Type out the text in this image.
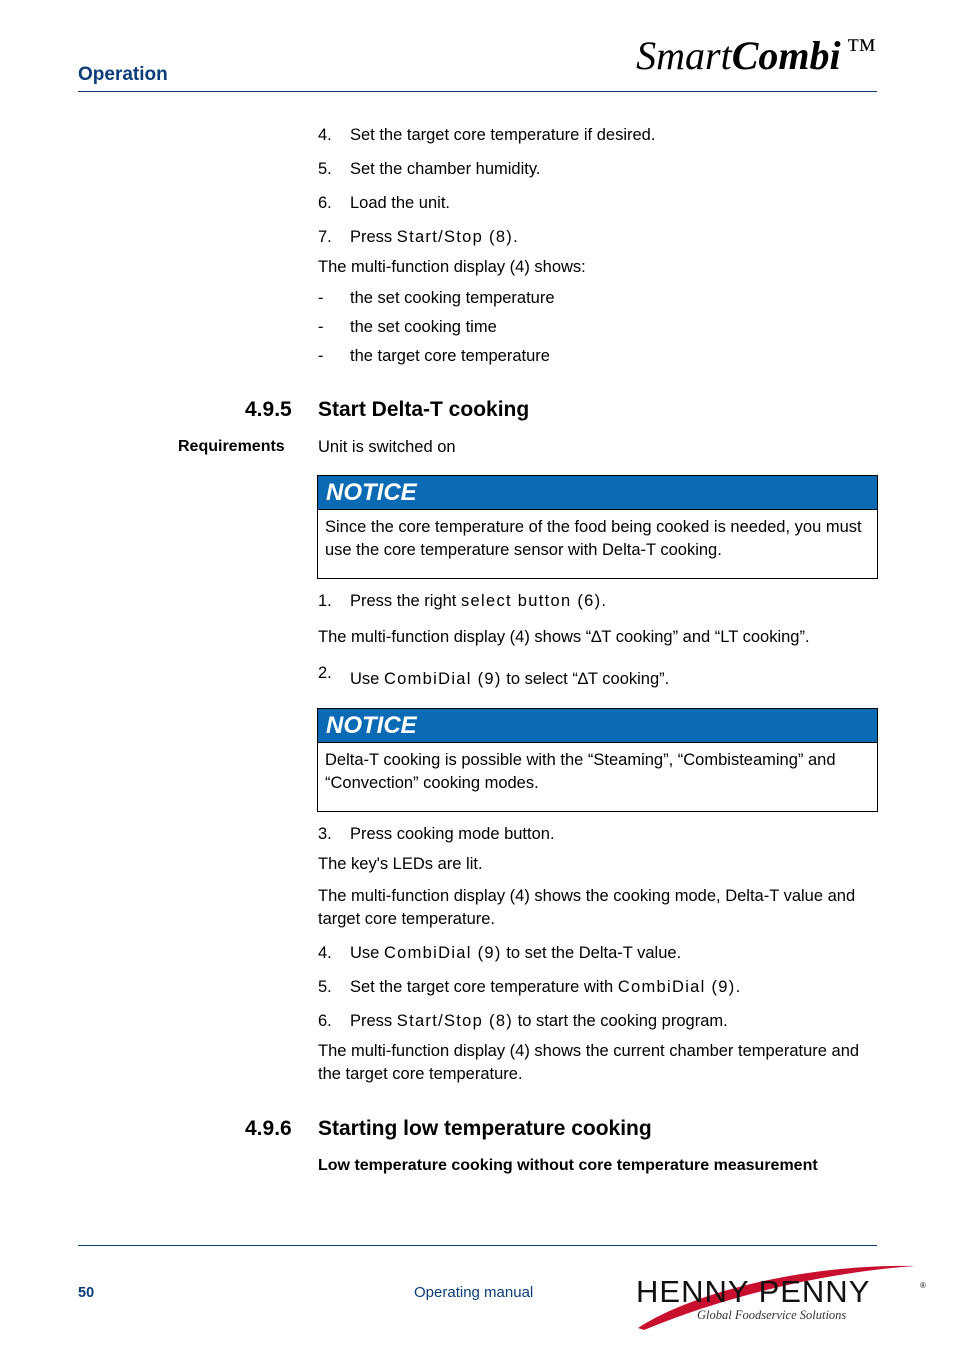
Operation	SmartCombi ™
4. Set the target core temperature if desired.
5. Set the chamber humidity.
6. Load the unit.
7. Press Start/Stop (8).
The multi-function display (4) shows:
- the set cooking temperature
- the set cooking time
- the target core temperature
4.9.5 Start Delta-T cooking
Requirements Unit is switched on
NOTICE
Since the core temperature of the food being cooked is needed, you must use the core temperature sensor with Delta-T cooking.
1. Press the right select button (6).
The multi-function display (4) shows “∆T cooking” and “LT cooking”.
2. Use CombiDial (9) to select “∆T cooking”.
NOTICE
Delta-T cooking is possible with the “Steaming”, “Combisteaming” and “Convection” cooking modes.
3. Press cooking mode button.
The key's LEDs are lit.
The multi-function display (4) shows the cooking mode, Delta-T value and target core temperature.
4. Use CombiDial (9) to set the Delta-T value.
5. Set the target core temperature with CombiDial (9).
6. Press Start/Stop (8) to start the cooking program.
The multi-function display (4) shows the current chamber temperature and the target core temperature.
4.9.6 Starting low temperature cooking
Low temperature cooking without core temperature measurement
50	Operating manual	HENNY PENNY	®
Global Foodservice Solutions
